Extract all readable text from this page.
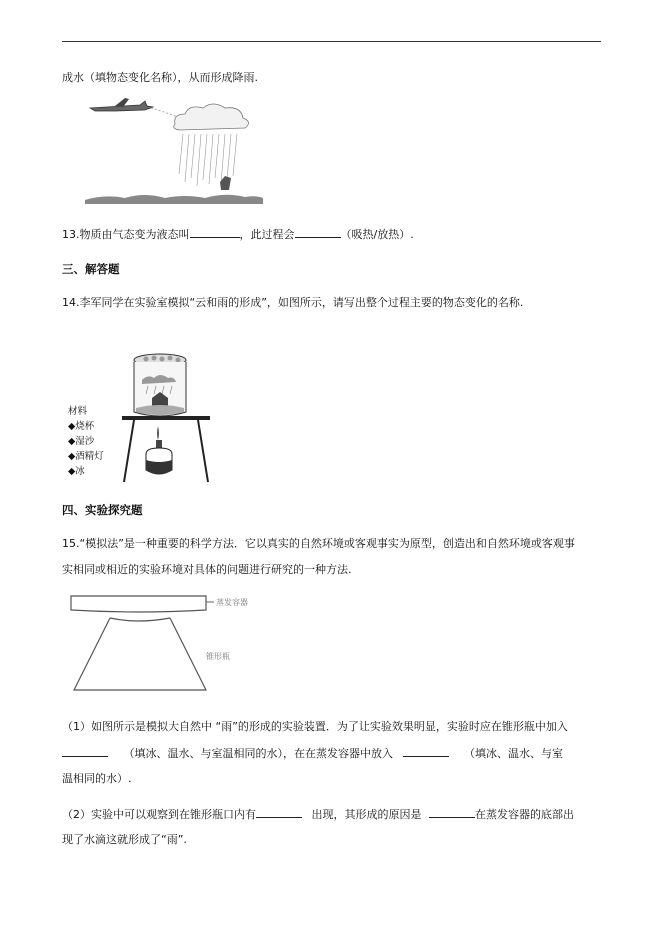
成水（填物态变化名称），从而形成降雨.
13.物质由气态变为液态叫	，此过程会	（吸热/放热）.
三、解答题
14.李军同学在实验室模拟“云和雨的形成”，如图所示，请写出整个过程主要的物态变化的名称.
材料
◆烧杯
◆湿沙
◆酒精灯
◆冰
四、实验探究题
15.“模拟法”是一种重要的科学方法．它以真实的自然环境或客观事实为原型，创造出和自然环境或客观事
实相同或相近的实验环境对具体的问题进行研究的一种方法.
蒸发容器
锥形瓶
（1）如图所示是模拟大自然中 “雨”的形成的实验装置．为了让实验效果明显，实验时应在锥形瓶中加入
（填冰、温水、与室温相同的水），在在蒸发容器中放入	（填冰、温水、与室
温相同的水）.
（2）实验中可以观察到在锥形瓶口内有	出现，其形成的原因是	在蒸发容器的底部出
现了水滴这就形成了“雨”.
